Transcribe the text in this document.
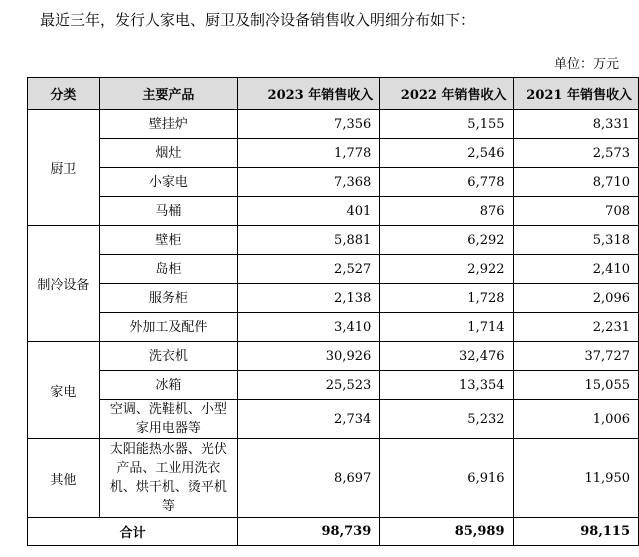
最近三年，发行人家电、厨卫及制冷设备销售收入明细分布如下：
单位：万元
分类	主要产品	2023 年销售收入	2022 年销售收入	2021 年销售收入
厨卫	壁挂炉	7,356	5,155	8,331
	烟灶	1,778	2,546	2,573
	小家电	7,368	6,778	8,710
	马桶	401	876	708
制冷设备	壁柜	5,881	6,292	5,318
	岛柜	2,527	2,922	2,410
	服务柜	2,138	1,728	2,096
	外加工及配件	3,410	1,714	2,231
家电	洗衣机	30,926	32,476	37,727
	冰箱	25,523	13,354	15,055
	空调、洗鞋机、小型家用电器等	2,734	5,232	1,006
其他	太阳能热水器、光伏产品、工业用洗衣机、烘干机、烫平机等	8,697	6,916	11,950
合计		98,739	85,989	98,115
